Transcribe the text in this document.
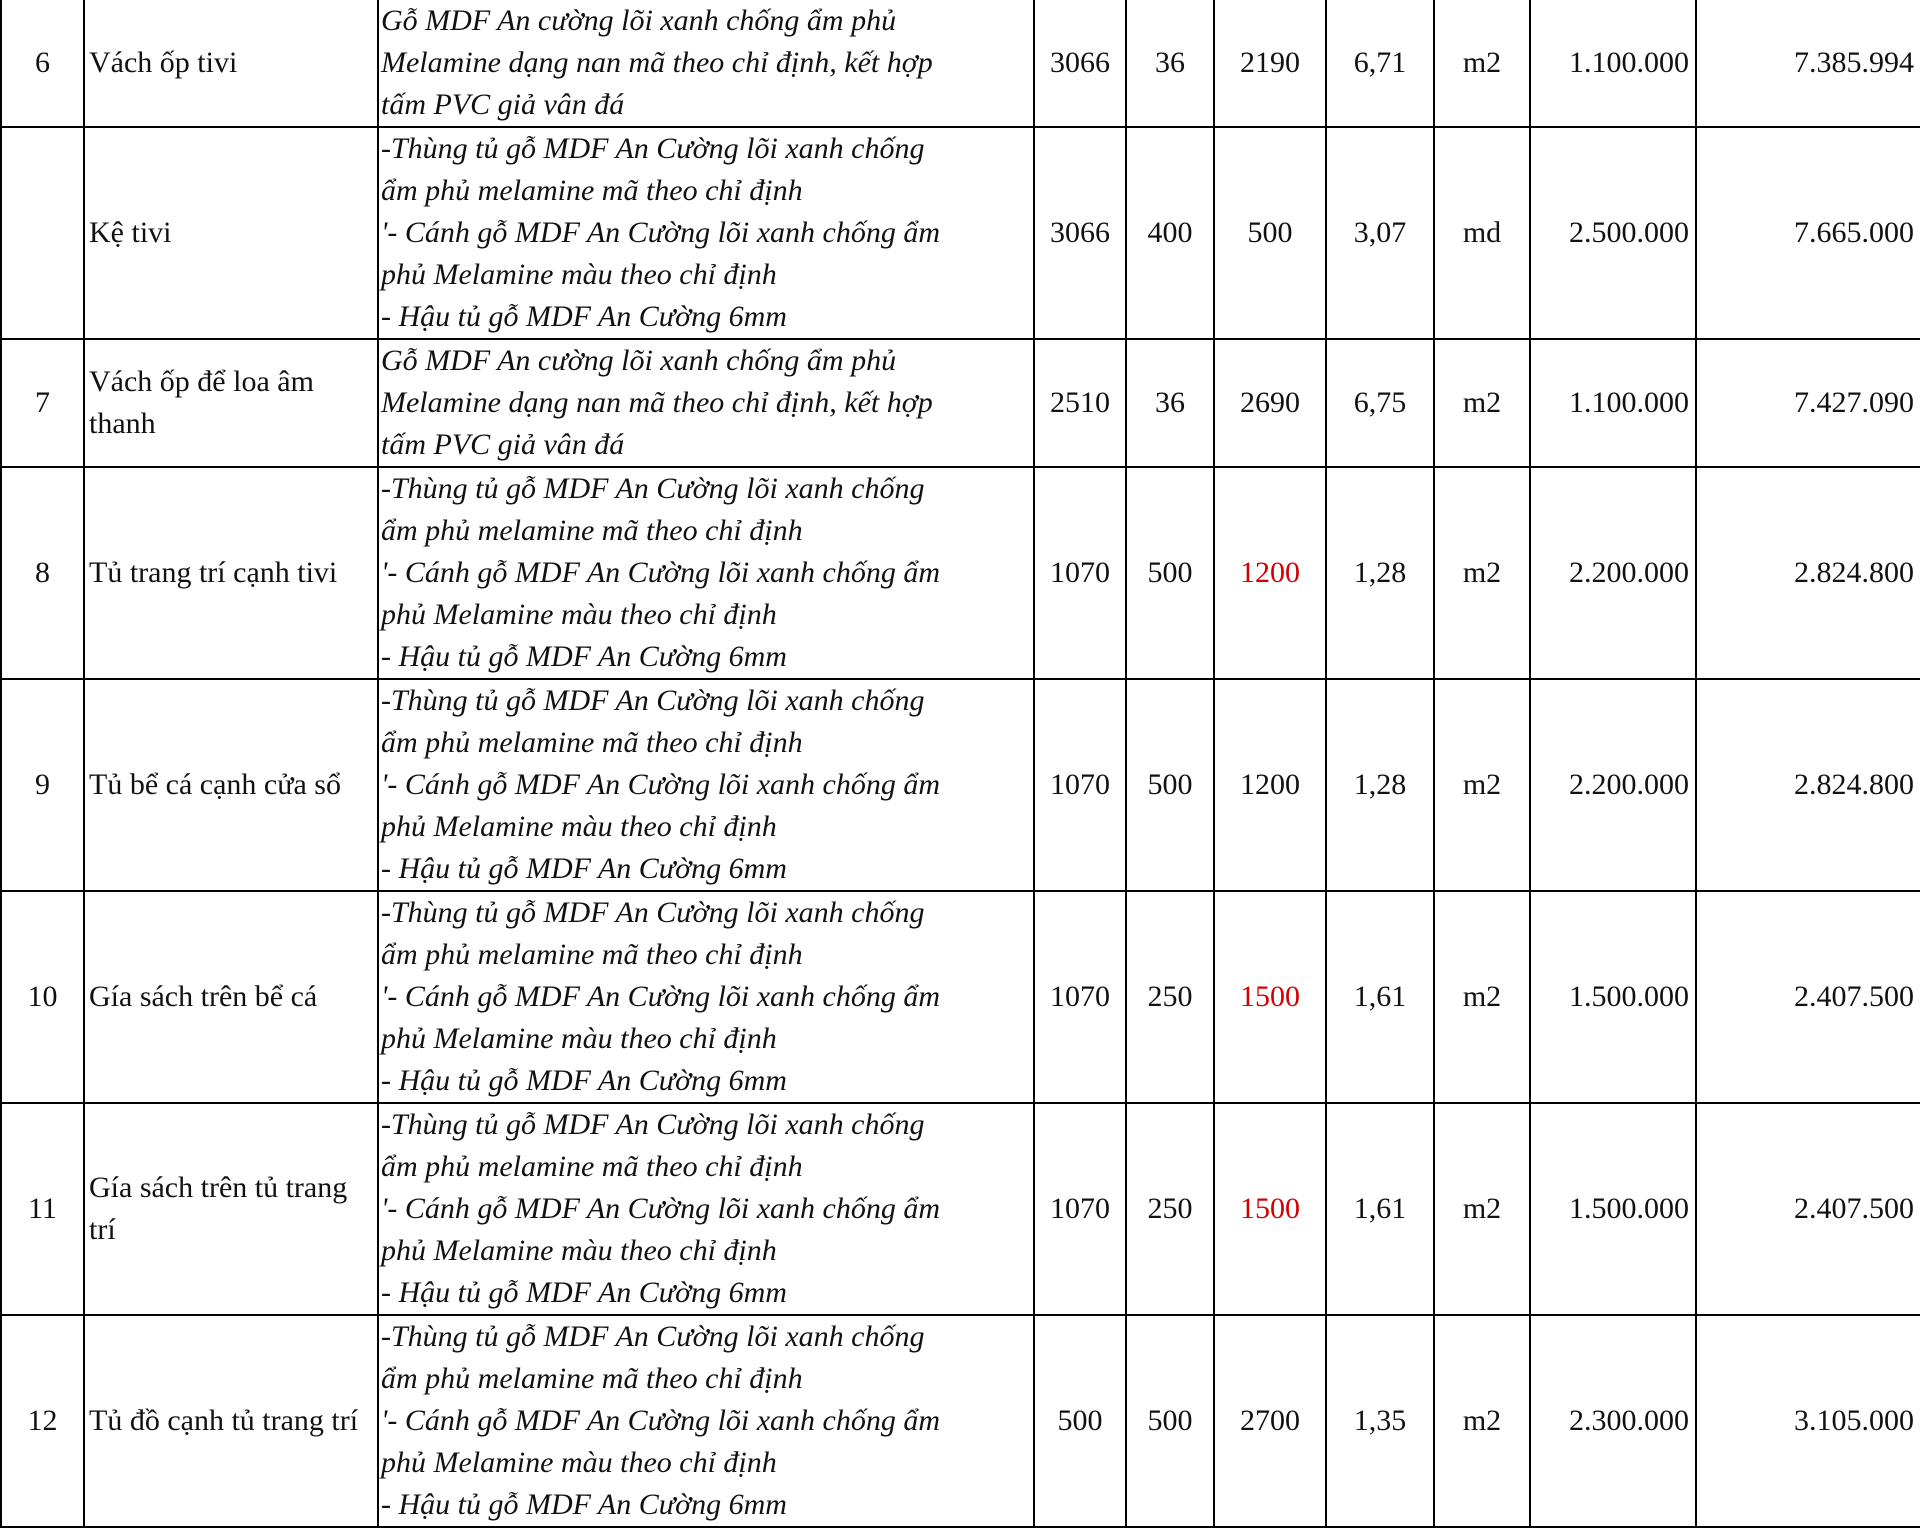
6	Vách ốp tivi	Gỗ MDF An cường lõi xanh chống ẩm phủ
Melamine dạng nan mã theo chỉ định, kết hợp
tấm PVC giả vân đá	3066	36	2190	6,71	m2	1.100.000	7.385.994
	Kệ tivi	-Thùng tủ gỗ MDF An Cường lõi xanh chống
ẩm phủ melamine mã theo chỉ định
'- Cánh gỗ MDF An Cường lõi xanh chống ẩm
phủ Melamine màu theo chỉ định
- Hậu tủ gỗ MDF An Cường 6mm	3066	400	500	3,07	md	2.500.000	7.665.000
7	Vách ốp để loa âm thanh	Gỗ MDF An cường lõi xanh chống ẩm phủ
Melamine dạng nan mã theo chỉ định, kết hợp
tấm PVC giả vân đá	2510	36	2690	6,75	m2	1.100.000	7.427.090
8	Tủ trang trí cạnh tivi	-Thùng tủ gỗ MDF An Cường lõi xanh chống
ẩm phủ melamine mã theo chỉ định
'- Cánh gỗ MDF An Cường lõi xanh chống ẩm
phủ Melamine màu theo chỉ định
- Hậu tủ gỗ MDF An Cường 6mm	1070	500	1200	1,28	m2	2.200.000	2.824.800
9	Tủ bể cá cạnh cửa sổ	-Thùng tủ gỗ MDF An Cường lõi xanh chống
ẩm phủ melamine mã theo chỉ định
'- Cánh gỗ MDF An Cường lõi xanh chống ẩm
phủ Melamine màu theo chỉ định
- Hậu tủ gỗ MDF An Cường 6mm	1070	500	1200	1,28	m2	2.200.000	2.824.800
10	Gía sách trên bể cá	-Thùng tủ gỗ MDF An Cường lõi xanh chống
ẩm phủ melamine mã theo chỉ định
'- Cánh gỗ MDF An Cường lõi xanh chống ẩm
phủ Melamine màu theo chỉ định
- Hậu tủ gỗ MDF An Cường 6mm	1070	250	1500	1,61	m2	1.500.000	2.407.500
11	Gía sách trên tủ trang trí	-Thùng tủ gỗ MDF An Cường lõi xanh chống
ẩm phủ melamine mã theo chỉ định
'- Cánh gỗ MDF An Cường lõi xanh chống ẩm
phủ Melamine màu theo chỉ định
- Hậu tủ gỗ MDF An Cường 6mm	1070	250	1500	1,61	m2	1.500.000	2.407.500
12	Tủ đồ cạnh tủ trang trí	-Thùng tủ gỗ MDF An Cường lõi xanh chống
ẩm phủ melamine mã theo chỉ định
'- Cánh gỗ MDF An Cường lõi xanh chống ẩm
phủ Melamine màu theo chỉ định
- Hậu tủ gỗ MDF An Cường 6mm	500	500	2700	1,35	m2	2.300.000	3.105.000
